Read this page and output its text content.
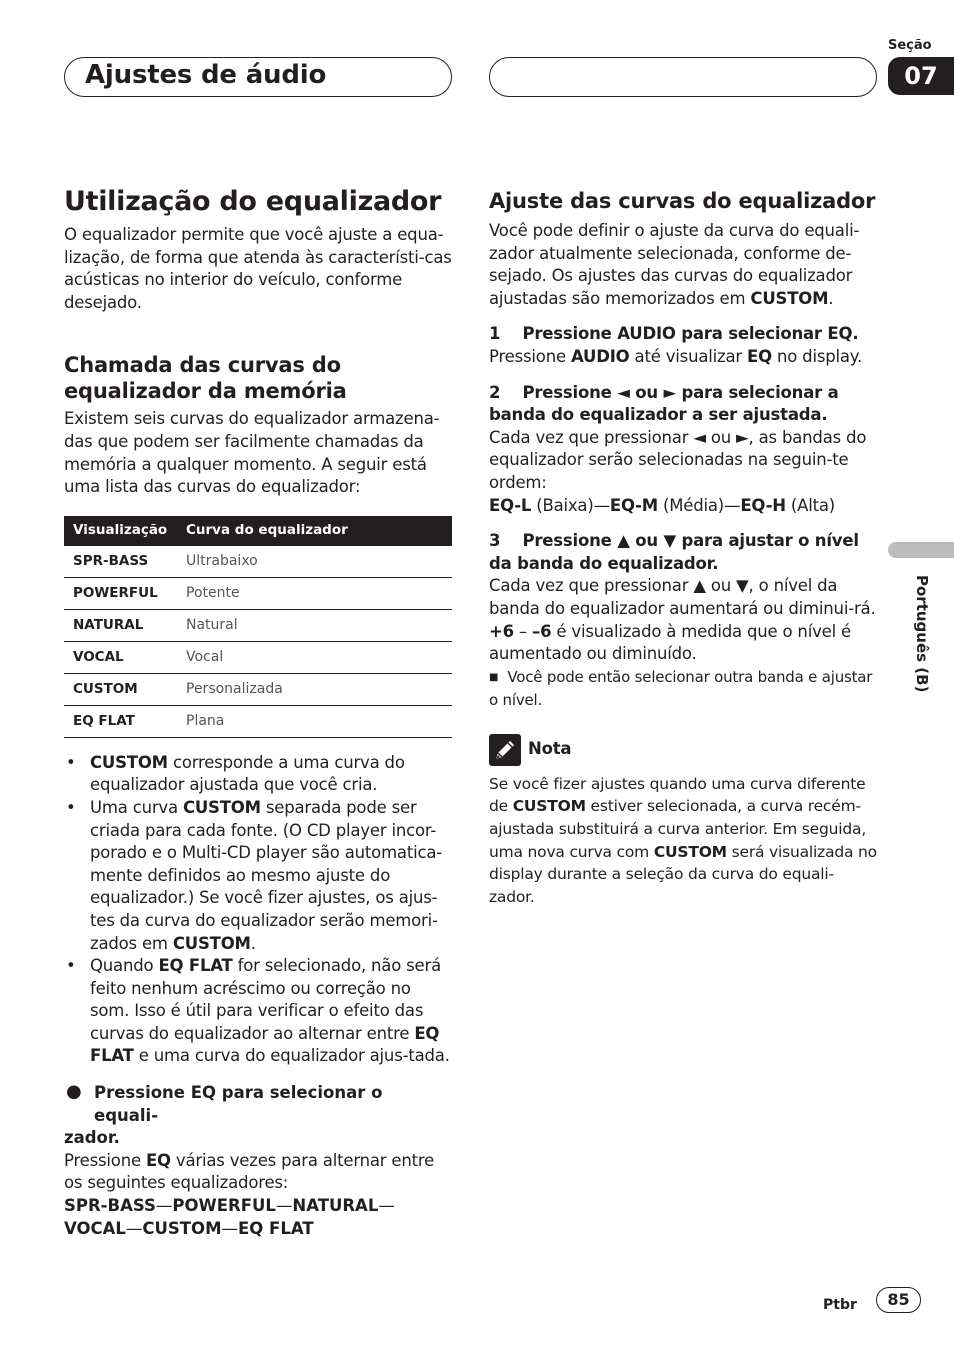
Ajustes de áudio
Seção
07
Utilização do equalizador

O equalizador permite que você ajuste a equa-lização, de forma que atenda às característi-cas acústicas no interior do veículo, conforme desejado.

Chamada das curvas do
equalizador da memória

Existem seis curvas do equalizador armazena-das que podem ser facilmente chamadas da memória a qualquer momento. A seguir está uma lista das curvas do equalizador:

Visualização	Curva do equalizador
SPR-BASS	Ultrabaixo
POWERFUL	Potente
NATURAL	Natural
VOCAL	Vocal
CUSTOM	Personalizada
EQ FLAT	Plana

• CUSTOM corresponde a uma curva do equalizador ajustada que você cria.

• Uma curva CUSTOM separada pode ser criada para cada fonte. (O CD player incor-porado e o Multi-CD player são automatica-mente definidos ao mesmo ajuste do equalizador.) Se você fizer ajustes, os ajus-tes da curva do equalizador serão memori-zados em CUSTOM.

• Quando EQ FLAT for selecionado, não será feito nenhum acréscimo ou correção no som. Isso é útil para verificar o efeito das curvas do equalizador ao alternar entre EQ FLAT e uma curva do equalizador ajus-tada.

● Pressione EQ para selecionar o equali-

zador.

Pressione EQ várias vezes para alternar entre os seguintes equalizadores:

SPR-BASS—POWERFUL—NATURAL—

VOCAL—CUSTOM—EQ FLAT

Ajuste das curvas do equalizador

Você pode definir o ajuste da curva do equali-zador atualmente selecionada, conforme de-sejado. Os ajustes das curvas do equalizador ajustadas são memorizados em CUSTOM.

1    Pressione AUDIO para selecionar EQ.

Pressione AUDIO até visualizar EQ no display.

2    Pressione ◄ ou ► para selecionar a

banda do equalizador a ser ajustada.

Cada vez que pressionar ◄ ou ►, as bandas do equalizador serão selecionadas na seguin-te ordem:

EQ-L (Baixa)—EQ-M (Média)—EQ-H (Alta)

3    Pressione ▲ ou ▼ para ajustar o nível

da banda do equalizador.

Cada vez que pressionar ▲ ou ▼, o nível da banda do equalizador aumentará ou diminui-rá.

+6 – –6 é visualizado à medida que o nível é aumentado ou diminuído.

■  Você pode então selecionar outra banda e ajustar o nível.

Nota

Se você fizer ajustes quando uma curva diferente de CUSTOM estiver selecionada, a curva recém-ajustada substituirá a curva anterior. Em seguida, uma nova curva com CUSTOM será visualizada no display durante a seleção da curva do equali-zador.

Português (B)
Ptbr	85
